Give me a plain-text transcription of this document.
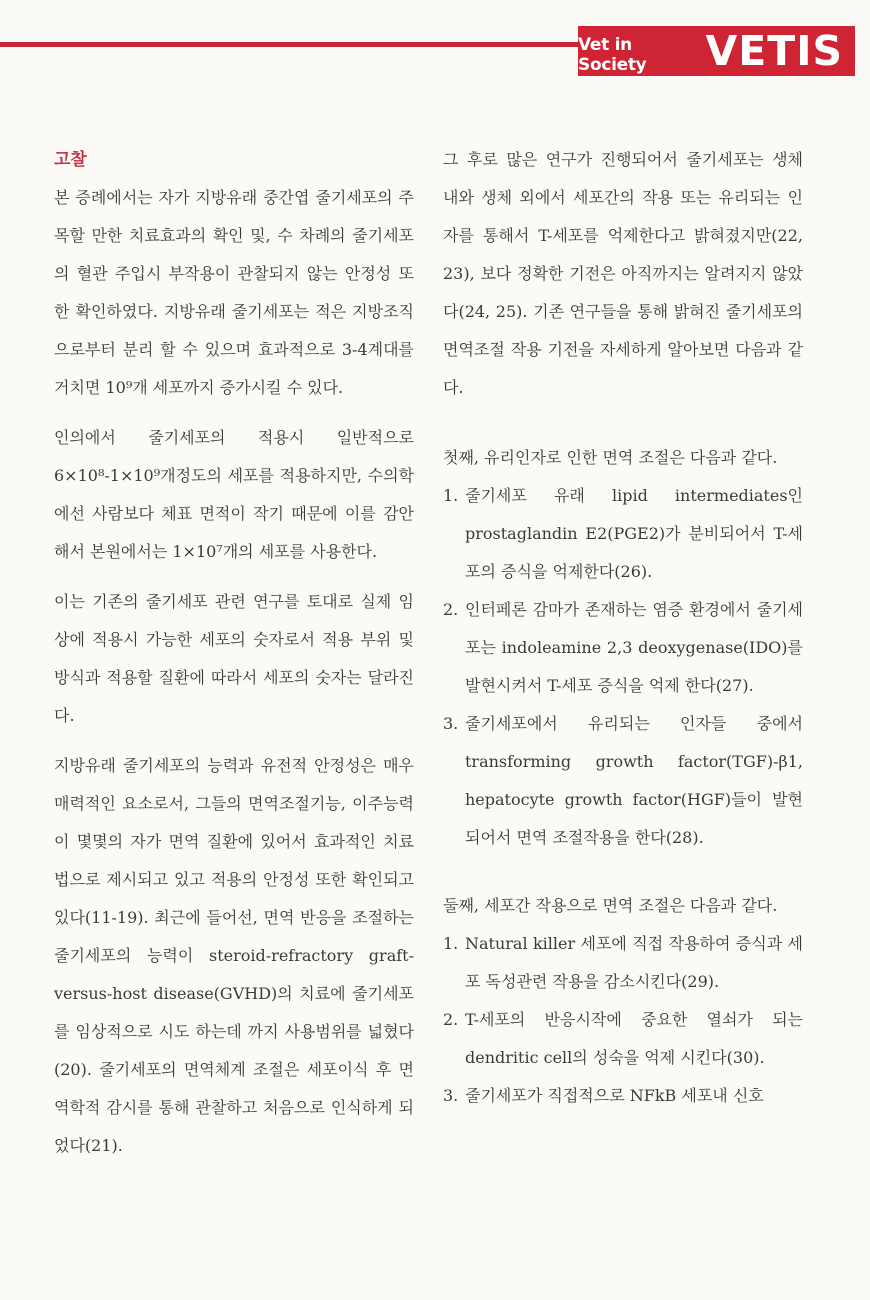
Vet in Society	VETIS
고찰

본 증례에서는 자가 지방유래 중간엽 줄기세포의 주목할 만한 치료효과의 확인 및, 수 차례의 줄기세포의 혈관 주입시 부작용이 관찰되지 않는 안정성 또한 확인하였다. 지방유래 줄기세포는 적은 지방조직으로부터 분리 할 수 있으며 효과적으로 3-4계대를 거치면 10⁹개 세포까지 증가시킬 수 있다.

인의에서 줄기세포의 적용시 일반적으로 6×10⁸-1×10⁹개정도의 세포를 적용하지만, 수의학에선 사람보다 체표 면적이 작기 때문에 이를 감안해서 본원에서는 1×10⁷개의 세포를 사용한다.

이는 기존의 줄기세포 관련 연구를 토대로 실제 임상에 적용시 가능한 세포의 숫자로서 적용 부위 및 방식과 적용할 질환에 따라서 세포의 숫자는 달라진다.

지방유래 줄기세포의 능력과 유전적 안정성은 매우 매력적인 요소로서, 그들의 면역조절기능, 이주능력이 몇몇의 자가 면역 질환에 있어서 효과적인 치료법으로 제시되고 있고 적용의 안정성 또한 확인되고 있다(11-19). 최근에 들어선, 면역 반응을 조절하는 줄기세포의 능력이 steroid-refractory graft-versus-host disease(GVHD)의 치료에 줄기세포를 임상적으로 시도 하는데 까지 사용범위를 넓혔다(20). 줄기세포의 면역체계 조절은 세포이식 후 면역학적 감시를 통해 관찰하고 처음으로 인식하게 되었다(21).

그 후로 많은 연구가 진행되어서 줄기세포는 생체 내와 생체 외에서 세포간의 작용 또는 유리되는 인자를 통해서 T-세포를 억제한다고 밝혀졌지만(22, 23), 보다 정확한 기전은 아직까지는 알려지지 않았다(24, 25). 기존 연구들을 통해 밝혀진 줄기세포의 면역조절 작용 기전을 자세하게 알아보면 다음과 같다.

첫째, 유리인자로 인한 면역 조절은 다음과 같다.

1. 줄기세포 유래 lipid intermediates인 prostaglandin E2(PGE2)가 분비되어서 T-세포의 증식을 억제한다(26).
2. 인터페론 감마가 존재하는 염증 환경에서 줄기세포는 indoleamine 2,3 deoxygenase(IDO)를 발현시켜서 T-세포 증식을 억제 한다(27).
3. 줄기세포에서 유리되는 인자들 중에서 transforming growth factor(TGF)-β1, hepatocyte growth factor(HGF)들이 발현되어서 면역 조절작용을 한다(28).

둘째, 세포간 작용으로 면역 조절은 다음과 같다.

1. Natural killer 세포에 직접 작용하여 증식과 세포 독성관련 작용을 감소시킨다(29).
2. T-세포의 반응시작에 중요한 열쇠가 되는 dendritic cell의 성숙을 억제 시킨다(30).
3. 줄기세포가 직접적으로 NFkB 세포내 신호
